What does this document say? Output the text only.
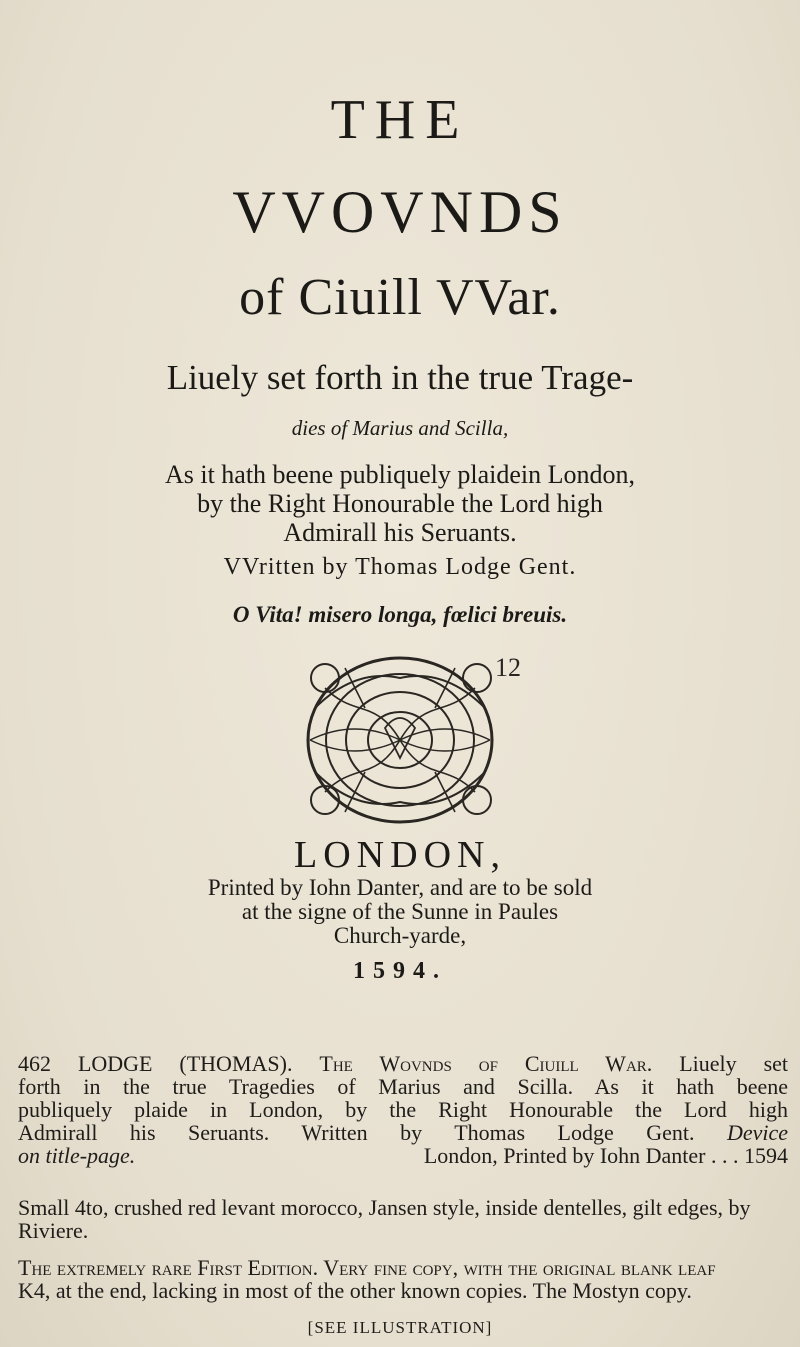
THE
VVOVNDS
of Ciuill VVar.
Liuely set forth in the true Trage-
dies of Marius and Scilla,
As it hath beene publiquely plaidein London,
by the Right Honourable the Lord high
Admirall his Seruants.
VVritten by Thomas Lodge Gent.
O Vita! misero longa, fœlici breuis.
12
LONDON,
Printed by Iohn Danter, and are to be sold
at the signe of the Sunne in Paules
Church-yarde,
1594.
462 LODGE (THOMAS). The Wovnds of Ciuill War. Liuely set
forth in the true Tragedies of Marius and Scilla. As it hath beene
publiquely plaide in London, by the Right Honourable the Lord high
Admirall his Seruants. Written by Thomas Lodge Gent. Device
on title-page.	London, Printed by Iohn Danter . . . 1594
Small 4to, crushed red levant morocco, Jansen style, inside dentelles, gilt edges, by
Riviere.
The extremely rare First Edition. Very fine copy, with the original blank leaf
K4, at the end, lacking in most of the other known copies. The Mostyn copy.
[SEE ILLUSTRATION]
